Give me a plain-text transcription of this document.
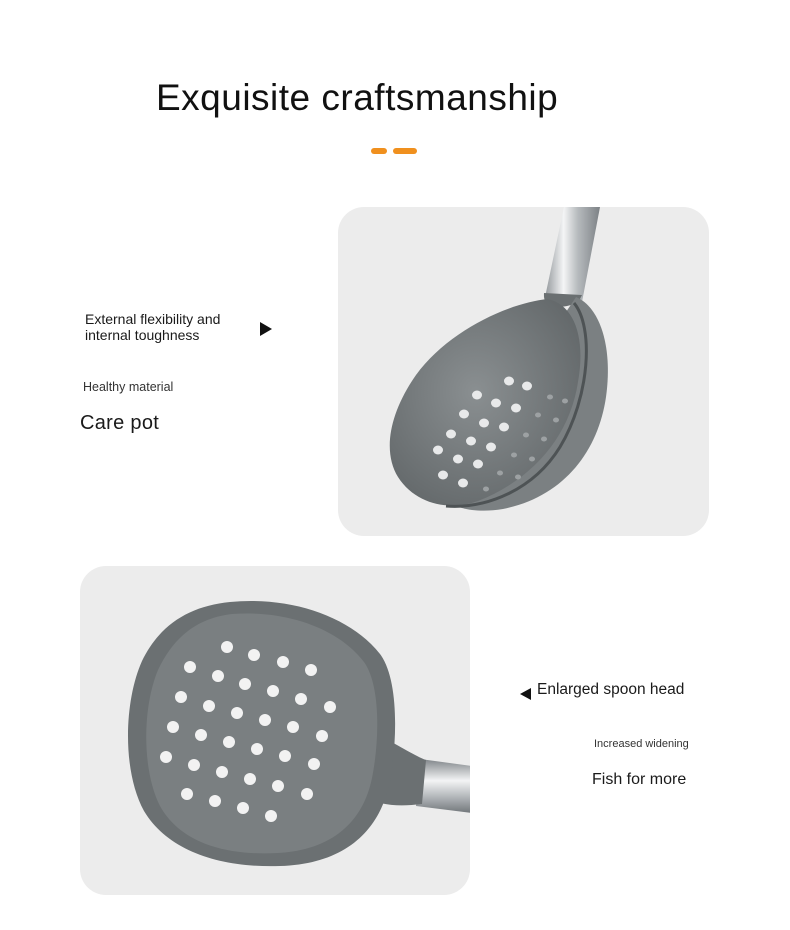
Exquisite craftsmanship
External flexibility and
internal toughness
Healthy material
Care pot
Enlarged spoon head
Increased widening
Fish for more
